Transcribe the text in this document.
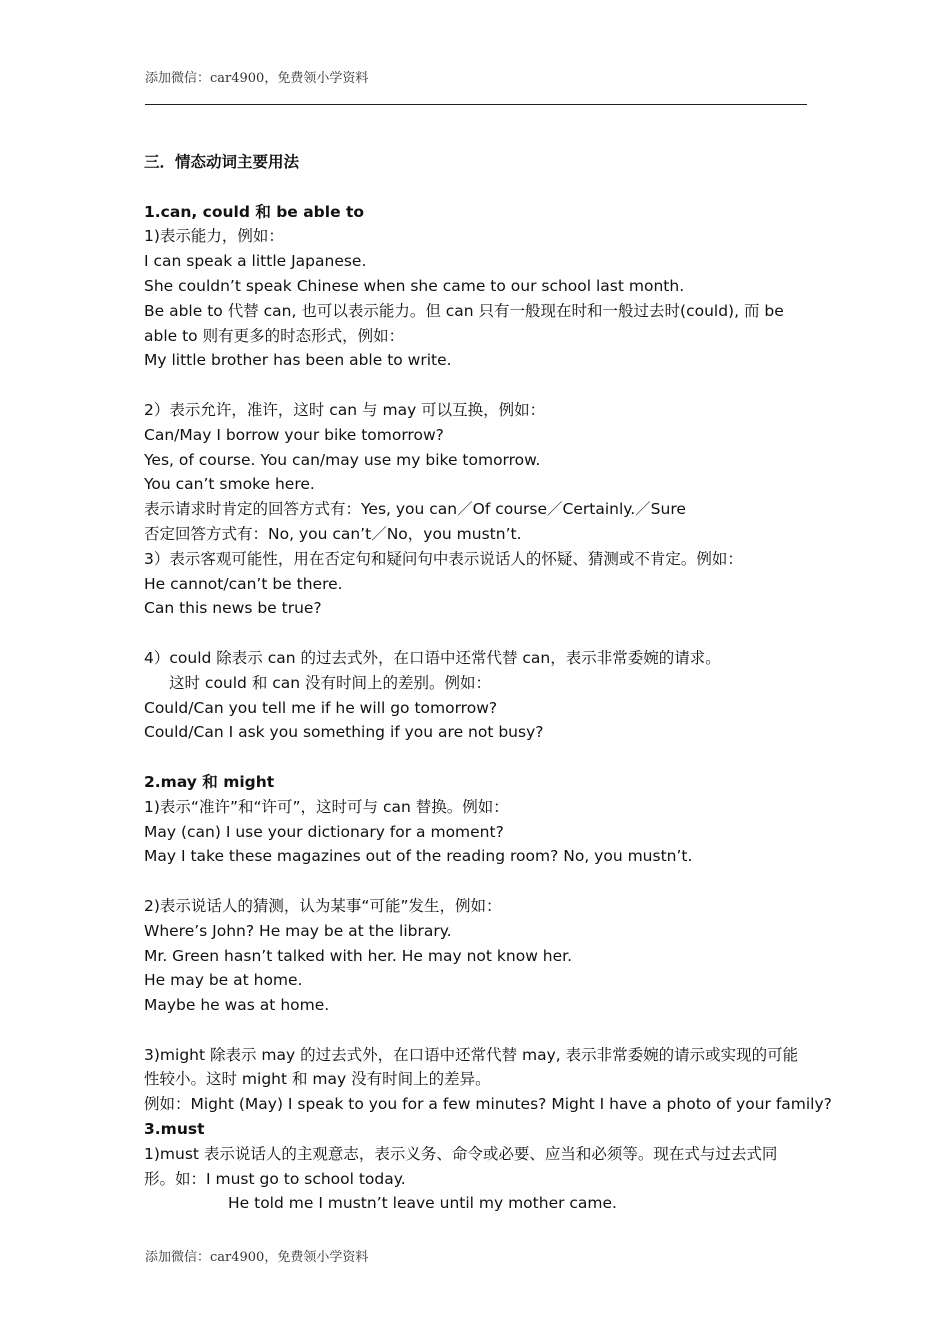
添加微信：car4900，免费领小学资料
三．情态动词主要用法
1.can, could 和 be able to
1)表示能力，例如：
I can speak a little Japanese.
She couldn’t speak Chinese when she came to our school last month.
Be able to 代替 can, 也可以表示能力。但 can 只有一般现在时和一般过去时(could), 而 be able to 则有更多的时态形式，例如：
My little brother has been able to write.
2）表示允许，准许，这时 can 与 may 可以互换，例如：
Can/May I borrow your bike tomorrow?
Yes, of course. You can/may use my bike tomorrow.
You can’t smoke here.
表示请求时肯定的回答方式有：Yes, you can／Of course／Certainly.／Sure
否定回答方式有：No, you can’t／No，you mustn’t.
3）表示客观可能性，用在否定句和疑问句中表示说话人的怀疑、猜测或不肯定。例如：
He cannot/can’t be there.
Can this news be true?
4）could 除表示 can 的过去式外，在口语中还常代替 can，表示非常委婉的请求。
这时 could 和 can 没有时间上的差别。例如：
Could/Can you tell me if he will go tomorrow?
Could/Can I ask you something if you are not busy?
2.may 和 might
1)表示“准许”和“许可”，这时可与 can 替换。例如：
May (can) I use your dictionary for a moment?
May I take these magazines out of the reading room? No, you mustn’t.
2)表示说话人的猜测，认为某事“可能”发生，例如：
Where’s John? He may be at the library.
Mr. Green hasn’t talked with her. He may not know her.
He may be at home.
Maybe he was at home.
3)might 除表示 may 的过去式外，在口语中还常代替 may, 表示非常委婉的请示或实现的可能性较小。这时 might 和 may 没有时间上的差异。
例如：Might (May) I speak to you for a few minutes? Might I have a photo of your family?
3.must
1)must 表示说话人的主观意志，表示义务、命令或必要、应当和必须等。现在式与过去式同形。如：I must go to school today.
He told me I mustn’t leave until my mother came.
添加微信：car4900，免费领小学资料
